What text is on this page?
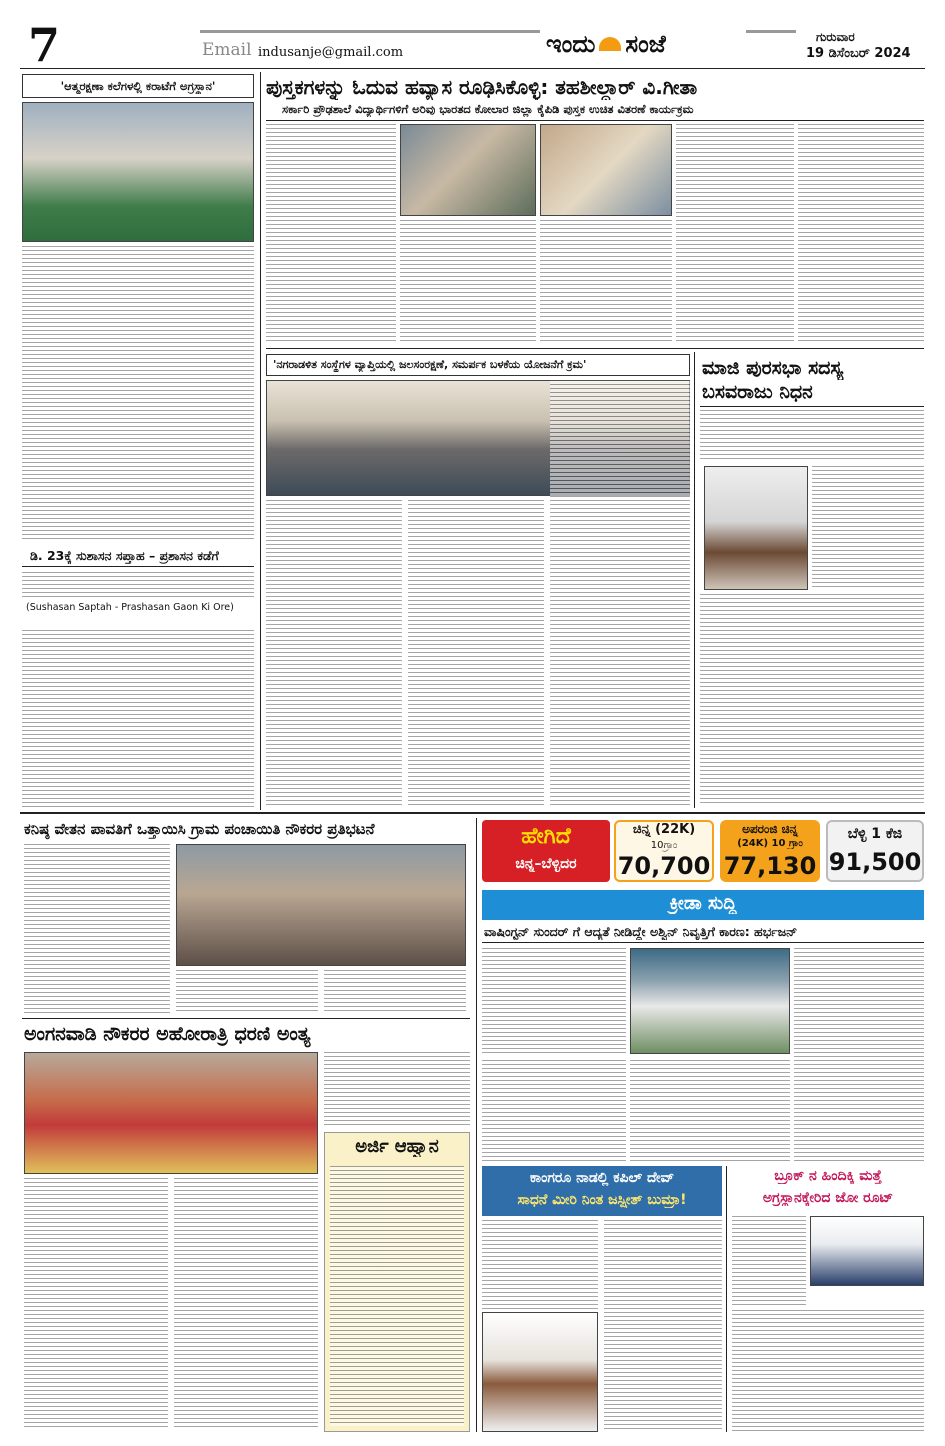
7	Email indusanje@gmail.com	ಇಂದು ಸಂಜೆ	ಗುರುವಾರ
19 ಡಿಸೆಂಬರ್ 2024
'ಆತ್ಮರಕ್ಷಣಾ ಕಲೆಗಳಲ್ಲಿ ಕರಾಟೆಗೆ ಅಗ್ರಸ್ಥಾನ'
ಡಿ. 23ಕ್ಕೆ ಸುಶಾಸನ ಸಪ್ತಾಹ – ಪ್ರಶಾಸನ ಕಡೆಗೆ
(Sushasan Saptah - Prashasan Gaon Ki Ore)
ಪುಸ್ತಕಗಳನ್ನು ಓದುವ ಹವ್ಯಾಸ ರೂಢಿಸಿಕೊಳ್ಳಿ: ತಹಶೀಲ್ದಾರ್ ವಿ.ಗೀತಾ
ಸರ್ಕಾರಿ ಪ್ರೌಢಶಾಲೆ ವಿದ್ಯಾರ್ಥಿಗಳಿಗೆ ಅರಿವು ಭಾರತದ ಕೋಲಾರ ಜಿಲ್ಲಾ ಕೈಪಿಡಿ ಪುಸ್ತಕ ಉಚಿತ ವಿತರಣೆ ಕಾರ್ಯಕ್ರಮ
'ನಗರಾಡಳಿತ ಸಂಸ್ಥೆಗಳ ವ್ಯಾಪ್ತಿಯಲ್ಲಿ ಜಲಸಂರಕ್ಷಣೆ, ಸಮರ್ಪಕ ಬಳಕೆಯ ಯೋಜನೆಗೆ ಕ್ರಮ'	ಮಾಜಿ ಪುರಸಭಾ ಸದಸ್ಯ
ಬಸವರಾಜು ನಿಧನ
ಕನಿಷ್ಠ ವೇತನ ಪಾವತಿಗೆ ಒತ್ತಾಯಿಸಿ ಗ್ರಾಮ ಪಂಚಾಯಿತಿ ನೌಕರರ ಪ್ರತಿಭಟನೆ
ಅಂಗನವಾಡಿ ನೌಕರರ ಅಹೋರಾತ್ರಿ ಧರಣಿ ಅಂತ್ಯ
ಅರ್ಜಿ ಆಹ್ವಾನ
ಹೇಗಿದೆ
ಚಿನ್ನ–ಬೆಳ್ಳಿದರ
ಚಿನ್ನ (22K)
10ಗ್ರಾಂ
70,700
ಅಪರಂಜಿ ಚಿನ್ನ
(24K) 10 ಗ್ರಾಂ
77,130
ಬೆಳ್ಳಿ 1 ಕೆಜಿ
91,500
ಕ್ರೀಡಾ ಸುದ್ದಿ
ವಾಷಿಂಗ್ಟನ್ ಸುಂದರ್ ಗೆ ಆದ್ಯತೆ ನೀಡಿದ್ದೇ ಅಶ್ವಿನ್ ನಿವೃತ್ತಿಗೆ ಕಾರಣ: ಹರ್ಭಜನ್
ಕಾಂಗರೂ ನಾಡಲ್ಲಿ ಕಪಿಲ್ ದೇವ್
ಸಾಧನೆ ಮೀರಿ ನಿಂತ ಜಸ್ಪ್ರೀತ್ ಬುಮ್ರಾ!
ಬ್ರೂಕ್ ನ ಹಿಂದಿಕ್ಕಿ ಮತ್ತೆ
ಅಗ್ರಸ್ಥಾನಕ್ಕೇರಿದ ಜೋ ರೂಟ್
